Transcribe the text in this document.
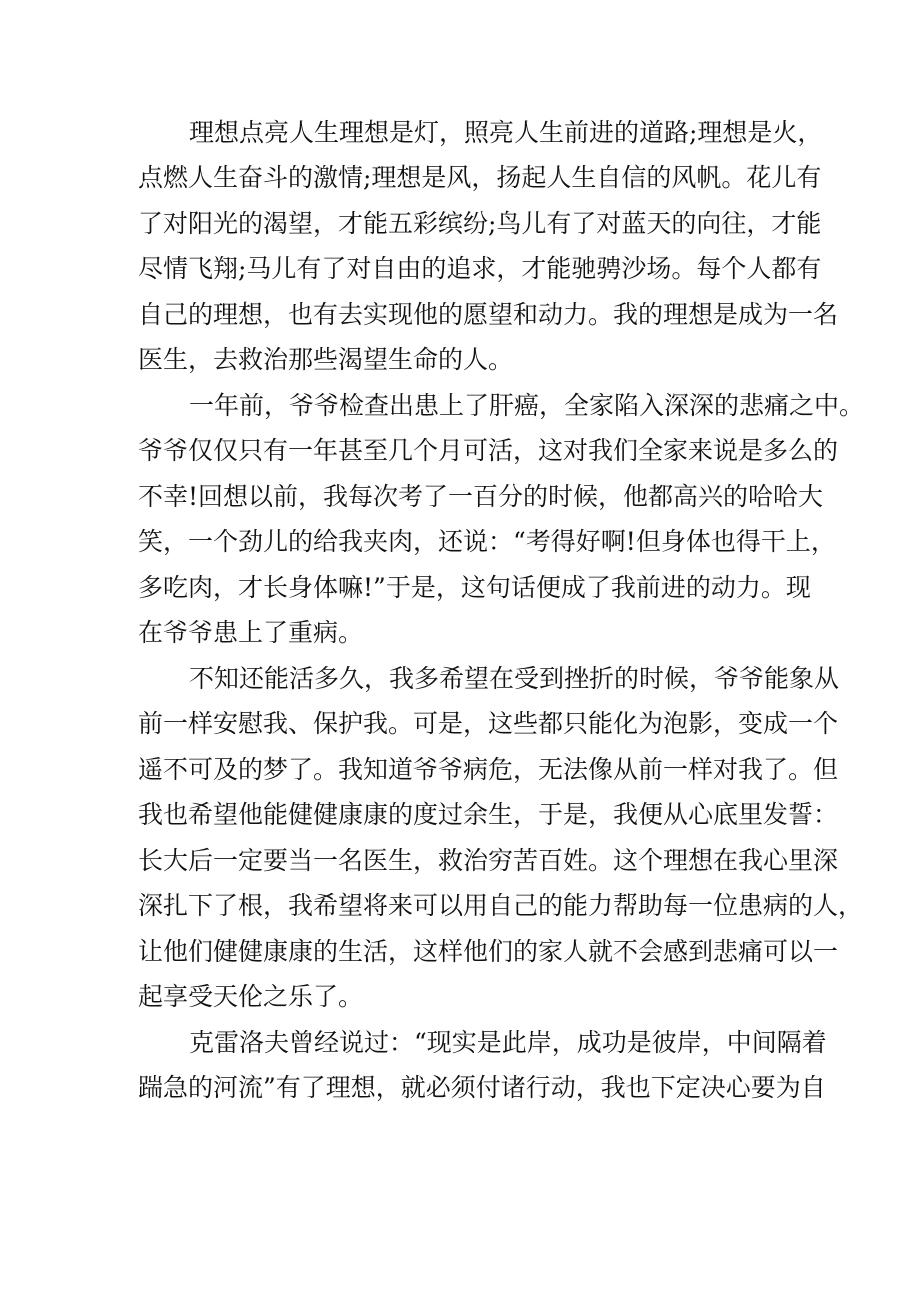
理想点亮人生理想是灯，照亮人生前进的道路;理想是火，
点燃人生奋斗的激情;理想是风，扬起人生自信的风帆。花儿有
了对阳光的渴望，才能五彩缤纷;鸟儿有了对蓝天的向往，才能
尽情飞翔;马儿有了对自由的追求，才能驰骋沙场。每个人都有
自己的理想，也有去实现他的愿望和动力。我的理想是成为一名
医生，去救治那些渴望生命的人。
一年前，爷爷检查出患上了肝癌，全家陷入深深的悲痛之中。
爷爷仅仅只有一年甚至几个月可活，这对我们全家来说是多么的
不幸!回想以前，我每次考了一百分的时候，他都高兴的哈哈大
笑，一个劲儿的给我夹肉，还说：“考得好啊!但身体也得干上，
多吃肉，才长身体嘛!”于是，这句话便成了我前进的动力。现
在爷爷患上了重病。
不知还能活多久，我多希望在受到挫折的时候，爷爷能象从
前一样安慰我、保护我。可是，这些都只能化为泡影，变成一个
遥不可及的梦了。我知道爷爷病危，无法像从前一样对我了。但
我也希望他能健健康康的度过余生，于是，我便从心底里发誓：
长大后一定要当一名医生，救治穷苦百姓。这个理想在我心里深
深扎下了根，我希望将来可以用自己的能力帮助每一位患病的人，
让他们健健康康的生活，这样他们的家人就不会感到悲痛可以一
起享受天伦之乐了。
克雷洛夫曾经说过：“现实是此岸，成功是彼岸，中间隔着
踹急的河流”有了理想，就必须付诸行动，我也下定决心要为自
